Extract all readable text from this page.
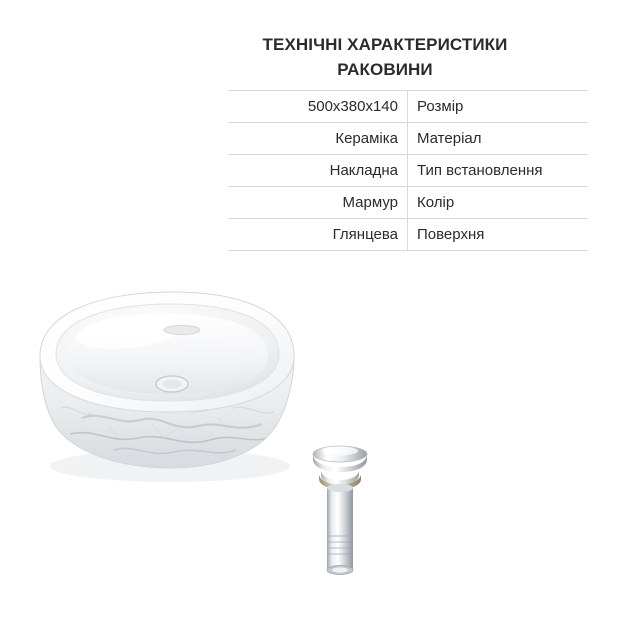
ТЕХНІЧНІ ХАРАКТЕРИСТИКИ
РАКОВИНИ
500x380x140	Розмір
Кераміка	Матеріал
Накладна	Тип встановлення
Мармур	Колір
Глянцева	Поверхня
